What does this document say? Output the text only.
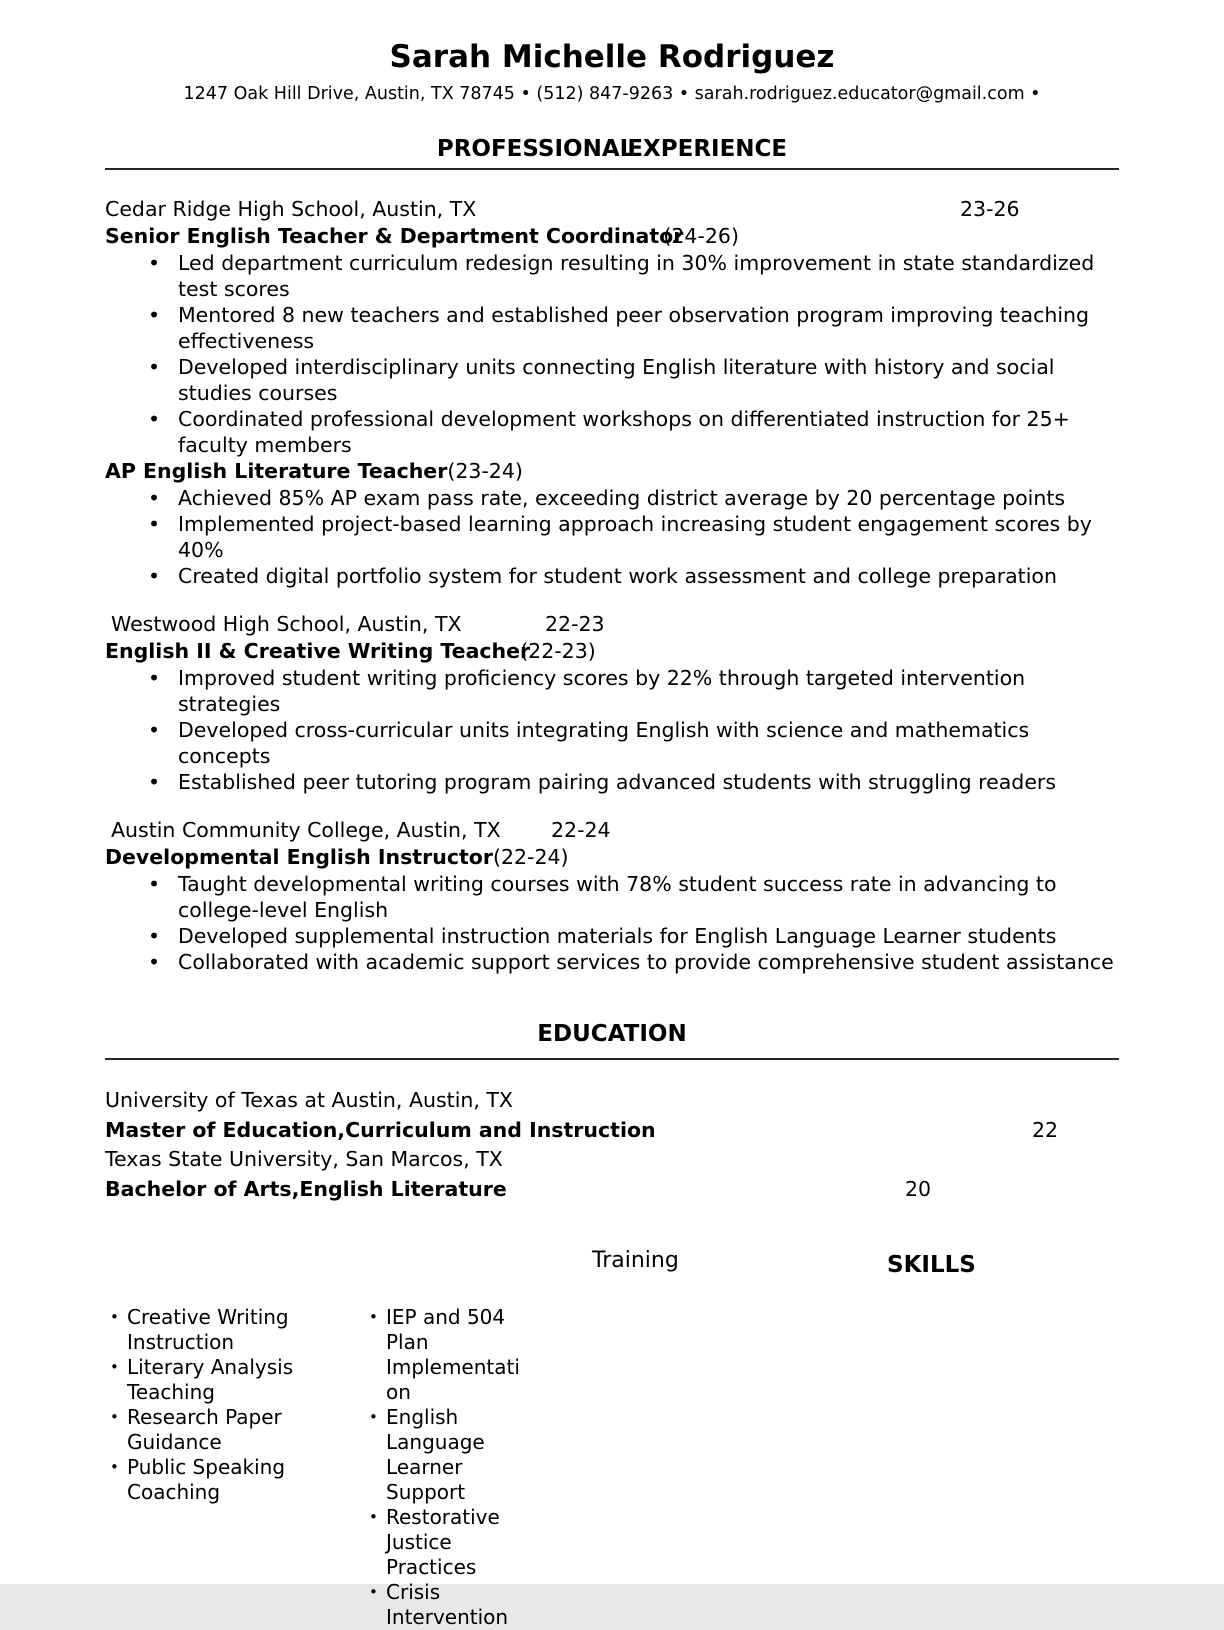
Sarah Michelle Rodriguez
1247 Oak Hill Drive, Austin, TX 78745 • (512) 847-9263 • sarah.rodriguez.educator@gmail.com •
PROFESSIONALEXPERIENCE
Cedar Ridge High School, Austin, TX	23-26
Senior English Teacher & Department Coordinator(24-26)
• Led department curriculum redesign resulting in 30% improvement in state standardized test scores
• Mentored 8 new teachers and established peer observation program improving teaching effectiveness
• Developed interdisciplinary units connecting English literature with history and social studies courses
• Coordinated professional development workshops on differentiated instruction for 25+ faculty members
AP English Literature Teacher(23-24)
• Achieved 85% AP exam pass rate, exceeding district average by 20 percentage points
• Implemented project-based learning approach increasing student engagement scores by 40%
• Created digital portfolio system for student work assessment and college preparation
Westwood High School, Austin, TX	22-23
English II & Creative Writing Teacher(22-23)
• Improved student writing proficiency scores by 22% through targeted intervention strategies
• Developed cross-curricular units integrating English with science and mathematics concepts
• Established peer tutoring program pairing advanced students with struggling readers
Austin Community College, Austin, TX 22-24
Developmental English Instructor(22-24)
• Taught developmental writing courses with 78% student success rate in advancing to college-level English
• Developed supplemental instruction materials for English Language Learner students
• Collaborated with academic support services to provide comprehensive student assistance
EDUCATION
University of Texas at Austin, Austin, TX
Master of Education,Curriculum and Instruction	22
Texas State University, San Marcos, TX
Bachelor of Arts,English Literature	20
Training	SKILLS
• Creative Writing Instruction
• Literary Analysis Teaching
• Research Paper Guidance
• Public Speaking Coaching
• IEP and 504 Plan Implementation
• English Language Learner Support
• Restorative Justice Practices
• Crisis Intervention
